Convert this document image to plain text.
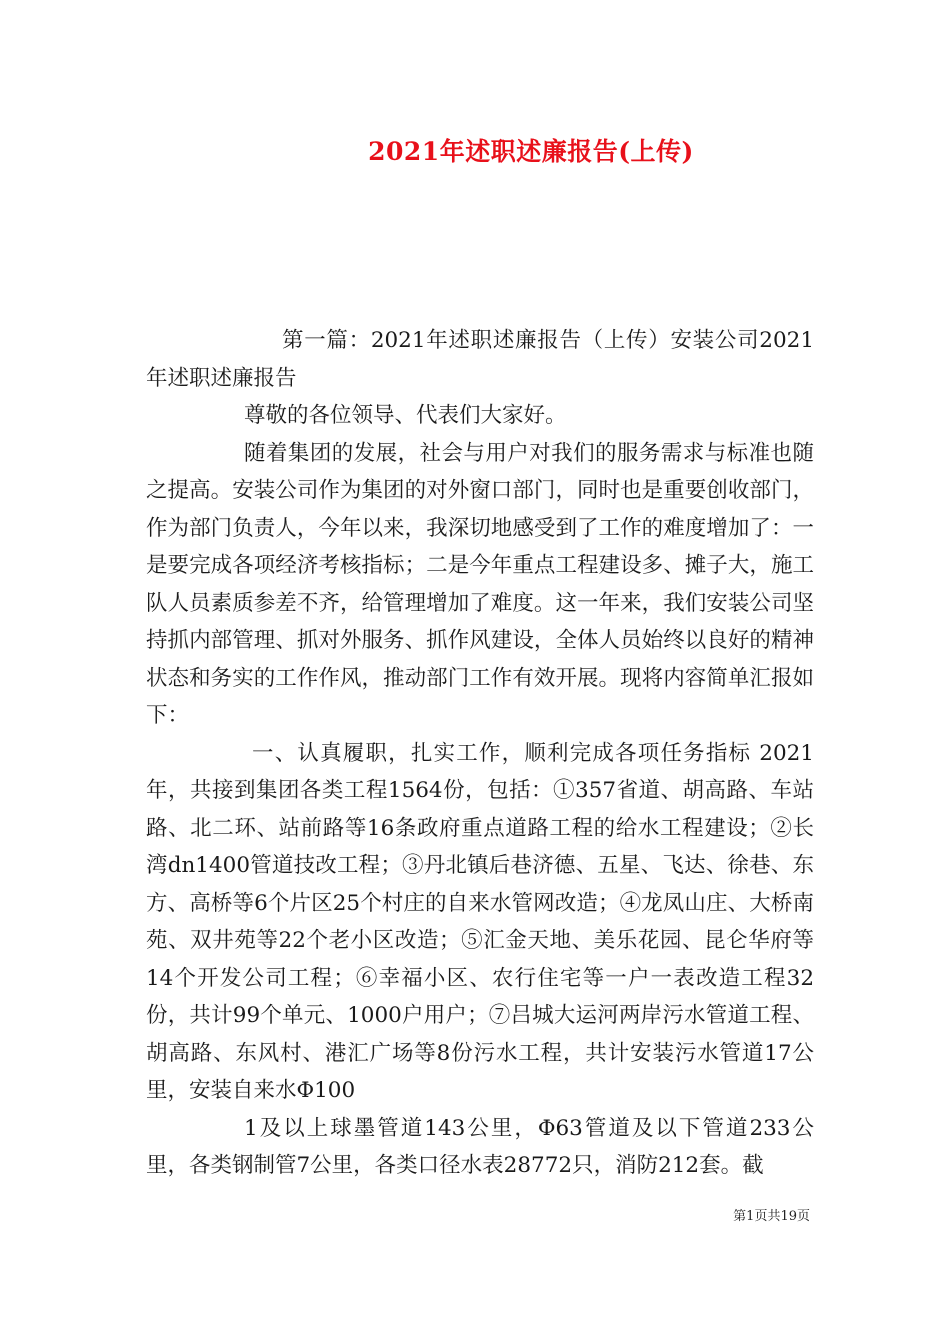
2021年述职述廉报告(上传)

第一篇：2021年述职述廉报告（上传）安装公司2021年述职述廉报告

尊敬的各位领导、代表们大家好。

随着集团的发展，社会与用户对我们的服务需求与标准也随之提高。安装公司作为集团的对外窗口部门，同时也是重要创收部门，作为部门负责人，今年以来，我深切地感受到了工作的难度增加了：一是要完成各项经济考核指标；二是今年重点工程建设多、摊子大，施工队人员素质参差不齐，给管理增加了难度。这一年来，我们安装公司坚持抓内部管理、抓对外服务、抓作风建设，全体人员始终以良好的精神状态和务实的工作作风，推动部门工作有效开展。现将内容简单汇报如下：

一、认真履职，扎实工作，顺利完成各项任务指标 2021年，共接到集团各类工程1564份，包括：①357省道、胡高路、车站路、北二环、站前路等16条政府重点道路工程的给水工程建设；②长湾dn1400管道技改工程；③丹北镇后巷济德、五星、飞达、徐巷、东方、高桥等6个片区25个村庄的自来水管网改造；④龙凤山庄、大桥南苑、双井苑等22个老小区改造；⑤汇金天地、美乐花园、昆仑华府等14个开发公司工程；⑥幸福小区、农行住宅等一户一表改造工程32份，共计99个单元、1000户用户；⑦吕城大运河两岸污水管道工程、胡高路、东风村、港汇广场等8份污水工程，共计安装污水管道17公里，安装自来水Φ100

1及以上球墨管道143公里，Φ63管道及以下管道233公里，各类钢制管7公里，各类口径水表28772只，消防212套。截

第1页共19页
